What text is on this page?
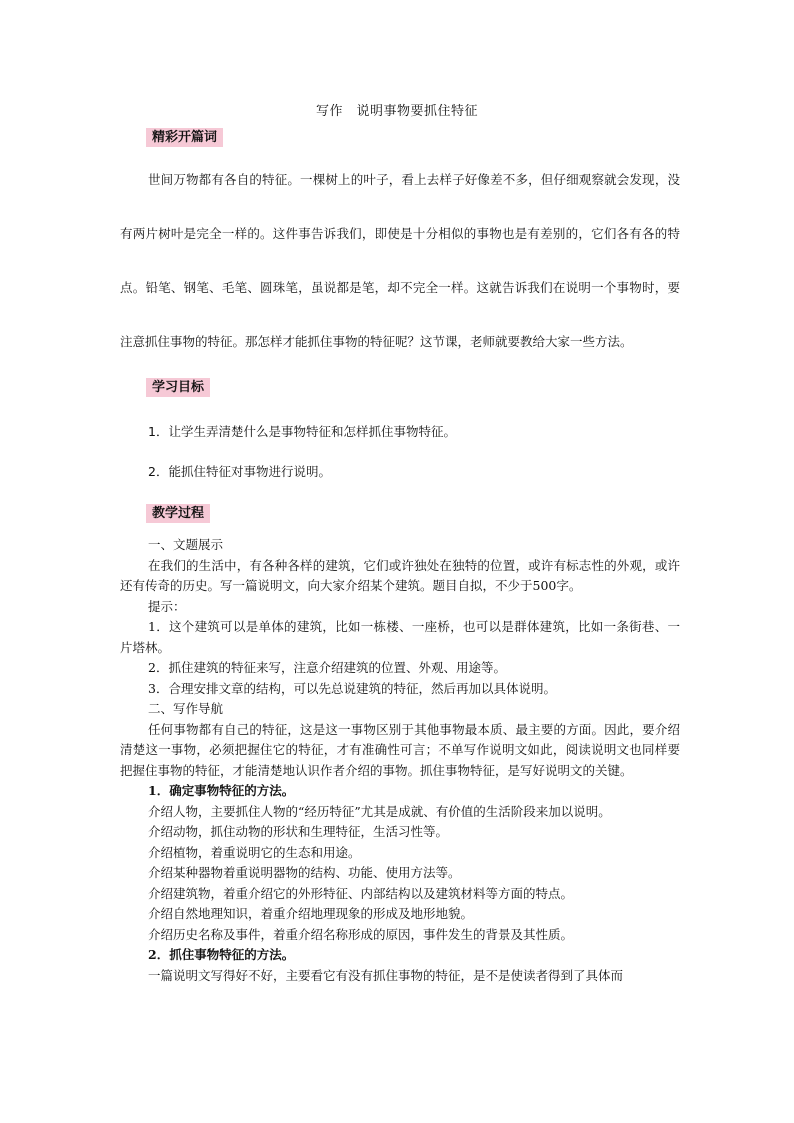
写作　说明事物要抓住特征
精彩开篇词

世间万物都有各自的特征。一棵树上的叶子，看上去样子好像差不多，但仔细观察就会发现，没有两片树叶是完全一样的。这件事告诉我们，即使是十分相似的事物也是有差别的，它们各有各的特点。铅笔、钢笔、毛笔、圆珠笔，虽说都是笔，却不完全一样。这就告诉我们在说明一个事物时，要注意抓住事物的特征。那怎样才能抓住事物的特征呢？这节课，老师就要教给大家一些方法。

学习目标

1．让学生弄清楚什么是事物特征和怎样抓住事物特征。

2．能抓住特征对事物进行说明。

教学过程

一、文题展示

在我们的生活中，有各种各样的建筑，它们或许独处在独特的位置，或许有标志性的外观，或许还有传奇的历史。写一篇说明文，向大家介绍某个建筑。题目自拟，不少于500字。

提示：

1．这个建筑可以是单体的建筑，比如一栋楼、一座桥，也可以是群体建筑，比如一条街巷、一片塔林。

2．抓住建筑的特征来写，注意介绍建筑的位置、外观、用途等。

3．合理安排文章的结构，可以先总说建筑的特征，然后再加以具体说明。

二、写作导航

任何事物都有自己的特征，这是这一事物区别于其他事物最本质、最主要的方面。因此，要介绍清楚这一事物，必须把握住它的特征，才有准确性可言；不单写作说明文如此，阅读说明文也同样要把握住事物的特征，才能清楚地认识作者介绍的事物。抓住事物特征，是写好说明文的关键。

1．确定事物特征的方法。

介绍人物，主要抓住人物的“经历特征”尤其是成就、有价值的生活阶段来加以说明。

介绍动物，抓住动物的形状和生理特征，生活习性等。

介绍植物，着重说明它的生态和用途。

介绍某种器物着重说明器物的结构、功能、使用方法等。

介绍建筑物，着重介绍它的外形特征、内部结构以及建筑材料等方面的特点。

介绍自然地理知识，着重介绍地理现象的形成及地形地貌。

介绍历史名称及事件，着重介绍名称形成的原因，事件发生的背景及其性质。

2．抓住事物特征的方法。

一篇说明文写得好不好，主要看它有没有抓住事物的特征，是不是使读者得到了具体而
